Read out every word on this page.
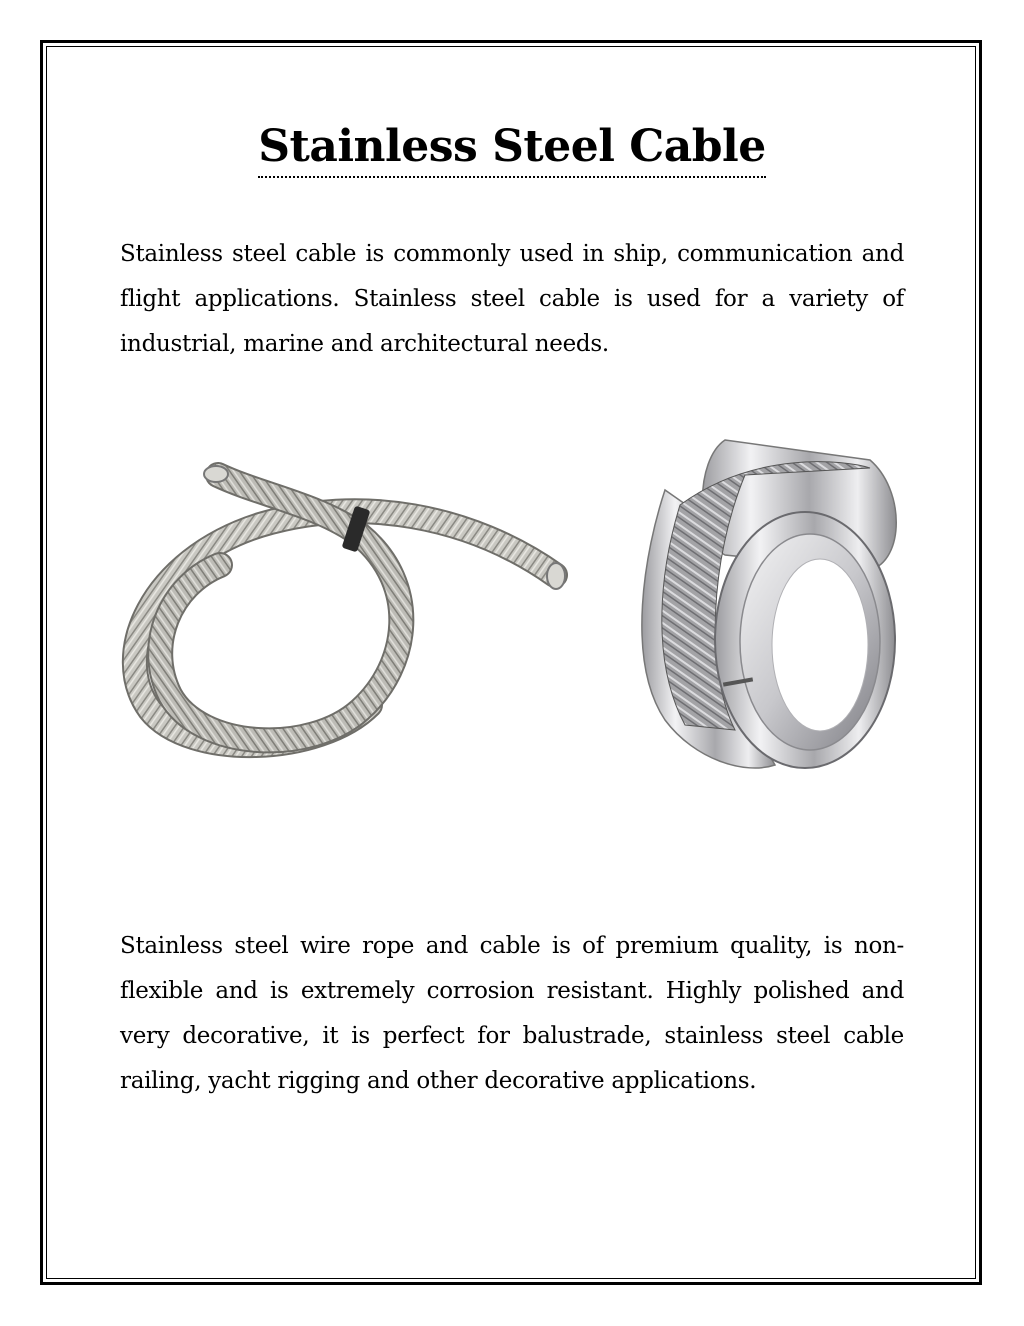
Stainless Steel Cable

Stainless steel cable is commonly used in ship, communication and flight applications. Stainless steel cable is used for a variety of industrial, marine and architectural needs.

Stainless steel wire rope and cable is of premium quality, is non-flexible and is extremely corrosion resistant. Highly polished and very decorative, it is perfect for balustrade, stainless steel cable railing, yacht rigging and other decorative applications.
